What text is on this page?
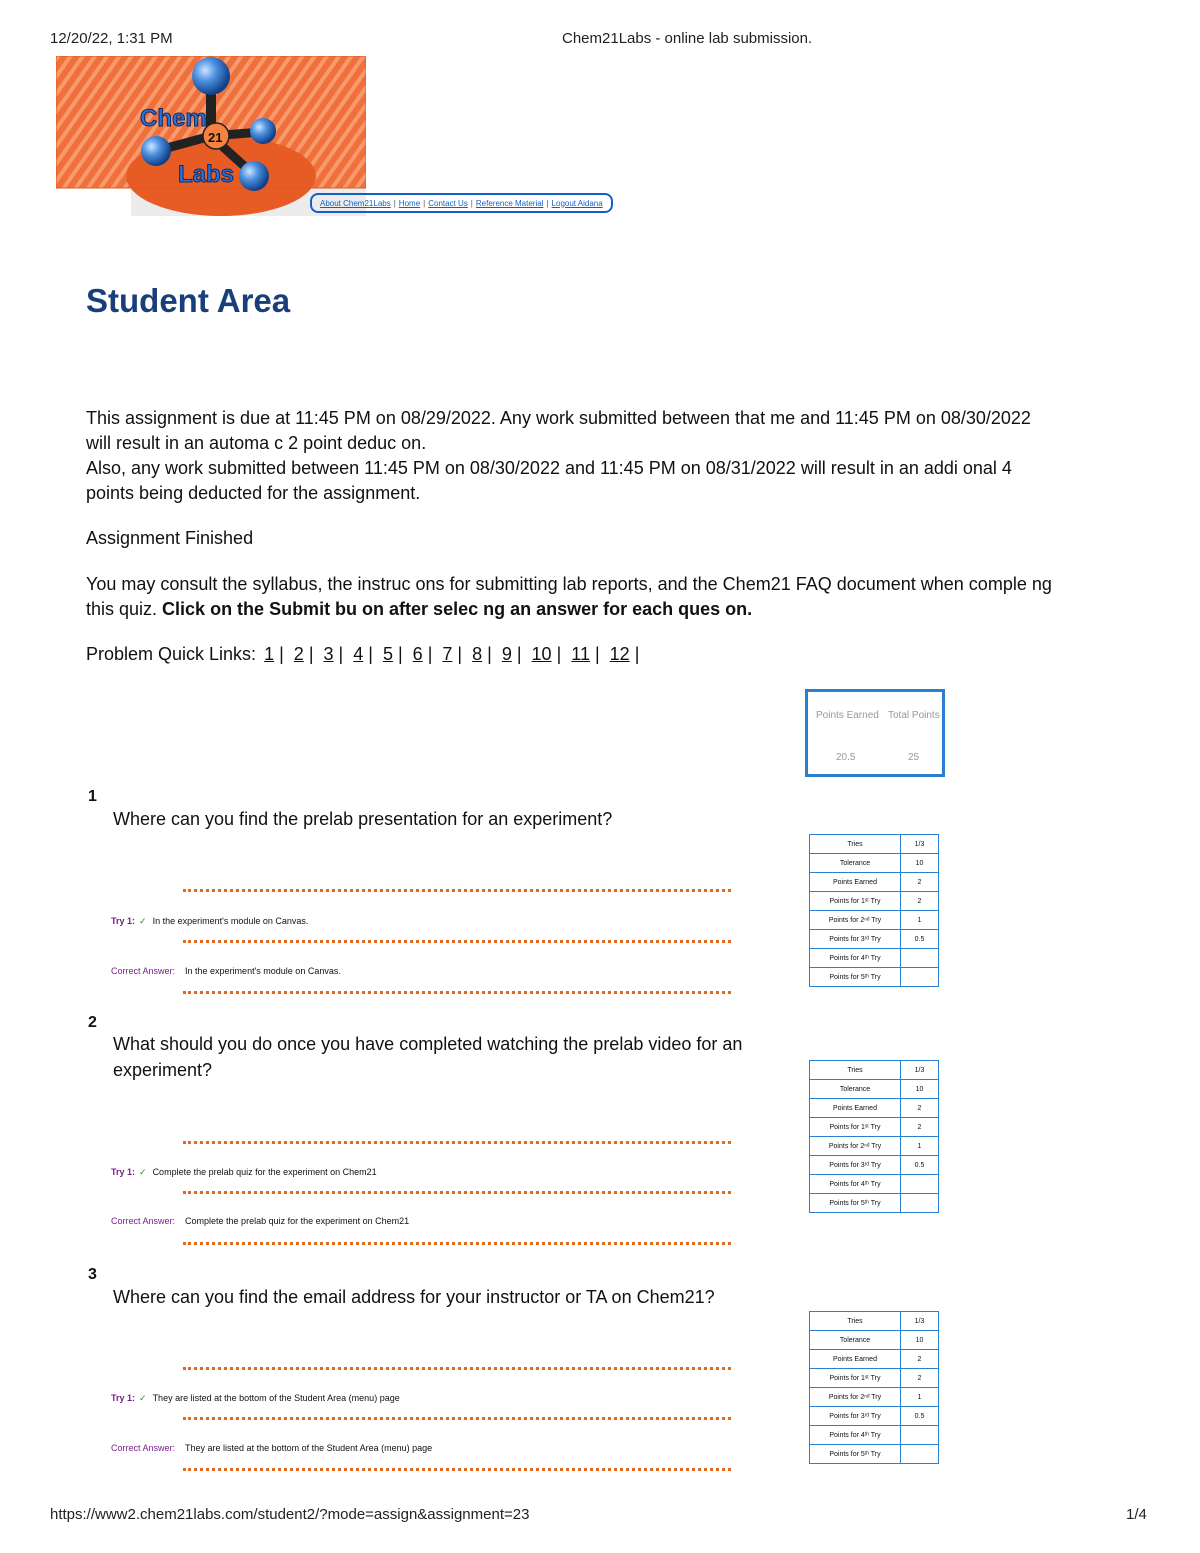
12/20/22, 1:31 PM	Chem21Labs - online lab submission.
Chem
21
Labs
About Chem21Labs | Home | Contact Us | Reference Material | Logout Aidana
Student Area
This assignment is due at 11:45 PM on 08/29/2022. Any work submitted between that me and 11:45 PM on 08/30/2022
will result in an automa c 2 point deduc on.
Also, any work submitted between 11:45 PM on 08/30/2022 and 11:45 PM on 08/31/2022 will result in an addi onal 4
points being deducted for the assignment.
Assignment Finished
You may consult the syllabus, the instruc ons for submitting lab reports, and the Chem21 FAQ document when comple ng
this quiz. Click on the Submit bu on after selec ng an answer for each ques on.
Problem Quick Links: 1 | 2 | 3 | 4 | 5 | 6 | 7 | 8 | 9 | 10 | 11 | 12 |
Points Earned Total Points
20.5	25
1
Where can you find the prelab presentation for an experiment?
Try 1: ✓ In the experiment's module on Canvas.
Correct Answer: In the experiment's module on Canvas.
Tries	1/3
Tolerance	10
Points Earned	2
Points for 1ˢᵗ Try	2
Points for 2ⁿᵈ Try	1
Points for 3ʳᵈ Try	0.5
Points for 4ᵗʰ Try	
Points for 5ᵗʰ Try	
2
What should you do once you have completed watching the prelab video for an experiment?
Try 1: ✓ Complete the prelab quiz for the experiment on Chem21
Correct Answer: Complete the prelab quiz for the experiment on Chem21
Tries	1/3
Tolerance	10
Points Earned	2
Points for 1ˢᵗ Try	2
Points for 2ⁿᵈ Try	1
Points for 3ʳᵈ Try	0.5
Points for 4ᵗʰ Try	
Points for 5ᵗʰ Try	
3
Where can you find the email address for your instructor or TA on Chem21?
Try 1: ✓ They are listed at the bottom of the Student Area (menu) page
Correct Answer: They are listed at the bottom of the Student Area (menu) page
Tries	1/3
Tolerance	10
Points Earned	2
Points for 1ˢᵗ Try	2
Points for 2ⁿᵈ Try	1
Points for 3ʳᵈ Try	0.5
Points for 4ᵗʰ Try	
Points for 5ᵗʰ Try	
https://www2.chem21labs.com/student2/?mode=assign&assignment=23	1/4
